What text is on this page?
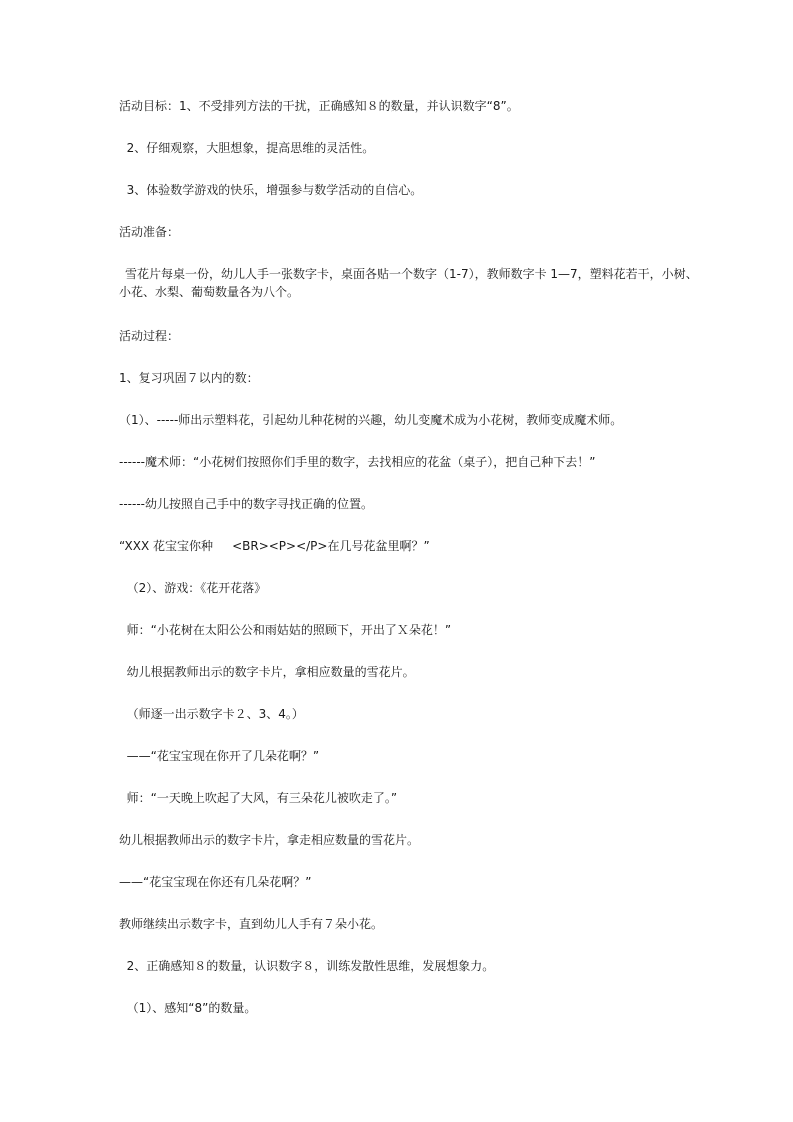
活动目标：1、不受排列方法的干扰，正确感知８的数量，并认识数字“8”。
2、仔细观察，大胆想象，提高思维的灵活性。
3、体验数学游戏的快乐，增强参与数学活动的自信心。
活动准备：
雪花片每桌一份，幼儿人手一张数字卡，桌面各贴一个数字（1-7），教师数字卡 1—7，塑料花若干，小树、小花、水梨、葡萄数量各为八个。
活动过程：
1、复习巩固７以内的数：
（1）、-----师出示塑料花，引起幼儿种花树的兴趣，幼儿变魔术成为小花树，教师变成魔术师。
------魔术师：“小花树们按照你们手里的数字，去找相应的花盆（桌子），把自己种下去！”
------幼儿按照自己手中的数字寻找正确的位置。
“XXX 花宝宝你种     <BR><P></P>在几号花盆里啊？”
（2）、游戏：《花开花落》
师：“小花树在太阳公公和雨姑姑的照顾下，开出了Ｘ朵花！”
幼儿根据教师出示的数字卡片，拿相应数量的雪花片。
（师逐一出示数字卡２、3、4。）
——“花宝宝现在你开了几朵花啊？”
师：“一天晚上吹起了大风，有三朵花儿被吹走了。”
幼儿根据教师出示的数字卡片，拿走相应数量的雪花片。
——“花宝宝现在你还有几朵花啊？”
教师继续出示数字卡，直到幼儿人手有７朵小花。
2、正确感知８的数量，认识数字８，训练发散性思维，发展想象力。
（1）、感知“8”的数量。
